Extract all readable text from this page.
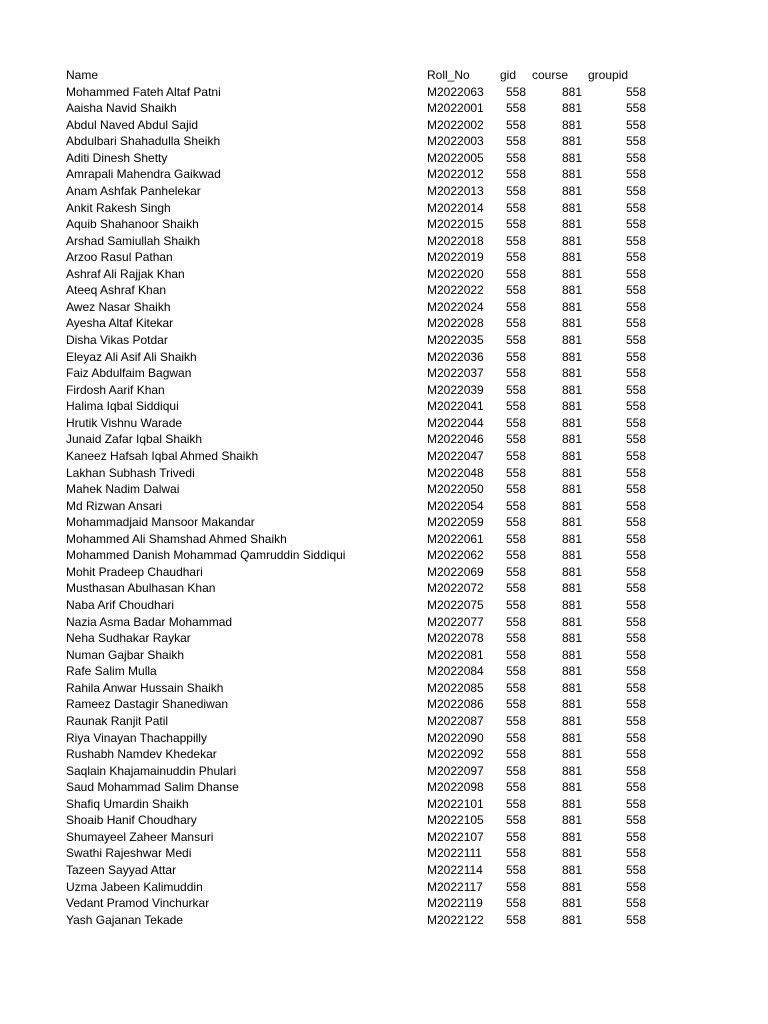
Name	Roll_No	gid course groupid
Mohammed Fateh Altaf Patni	M2022063 558	881	558
Aaisha Navid Shaikh	M2022001 558	881	558
Abdul Naved Abdul Sajid	M2022002 558	881	558
Abdulbari Shahadulla Sheikh	M2022003 558	881	558
Aditi Dinesh Shetty	M2022005 558	881	558
Amrapali Mahendra Gaikwad	M2022012 558	881	558
Anam Ashfak Panhelekar	M2022013 558	881	558
Ankit Rakesh Singh	M2022014 558	881	558
Aquib Shahanoor Shaikh	M2022015 558	881	558
Arshad Samiullah Shaikh	M2022018 558	881	558
Arzoo Rasul Pathan	M2022019 558	881	558
Ashraf Ali Rajjak Khan	M2022020 558	881	558
Ateeq Ashraf Khan	M2022022 558	881	558
Awez Nasar Shaikh	M2022024 558	881	558
Ayesha Altaf Kitekar	M2022028 558	881	558
Disha Vikas Potdar	M2022035 558	881	558
Eleyaz Ali Asif Ali Shaikh	M2022036 558	881	558
Faiz Abdulfaim Bagwan	M2022037 558	881	558
Firdosh Aarif Khan	M2022039 558	881	558
Halima Iqbal Siddiqui	M2022041 558	881	558
Hrutik Vishnu Warade	M2022044 558	881	558
Junaid Zafar Iqbal Shaikh	M2022046 558	881	558
Kaneez Hafsah Iqbal Ahmed Shaikh	M2022047 558	881	558
Lakhan Subhash Trivedi	M2022048 558	881	558
Mahek Nadim Dalwai	M2022050 558	881	558
Md Rizwan Ansari	M2022054 558	881	558
Mohammadjaid Mansoor Makandar	M2022059 558	881	558
Mohammed Ali Shamshad Ahmed Shaikh	M2022061 558	881	558
Mohammed Danish Mohammad Qamruddin Siddiqui	M2022062 558	881	558
Mohit Pradeep Chaudhari	M2022069 558	881	558
Musthasan Abulhasan Khan	M2022072 558	881	558
Naba Arif Choudhari	M2022075 558	881	558
Nazia Asma Badar Mohammad	M2022077 558	881	558
Neha Sudhakar Raykar	M2022078 558	881	558
Numan Gajbar Shaikh	M2022081 558	881	558
Rafe Salim Mulla	M2022084 558	881	558
Rahila Anwar Hussain Shaikh	M2022085 558	881	558
Rameez Dastagir Shanediwan	M2022086 558	881	558
Raunak Ranjit Patil	M2022087 558	881	558
Riya Vinayan Thachappilly	M2022090 558	881	558
Rushabh Namdev Khedekar	M2022092 558	881	558
Saqlain Khajamainuddin Phulari	M2022097 558	881	558
Saud Mohammad Salim Dhanse	M2022098 558	881	558
Shafiq Umardin Shaikh	M2022101 558	881	558
Shoaib Hanif Choudhary	M2022105 558	881	558
Shumayeel Zaheer Mansuri	M2022107 558	881	558
Swathi Rajeshwar Medi	M2022111 558	881	558
Tazeen Sayyad Attar	M2022114 558	881	558
Uzma Jabeen Kalimuddin	M2022117 558	881	558
Vedant Pramod Vinchurkar	M2022119 558	881	558
Yash Gajanan Tekade	M2022122 558	881	558
